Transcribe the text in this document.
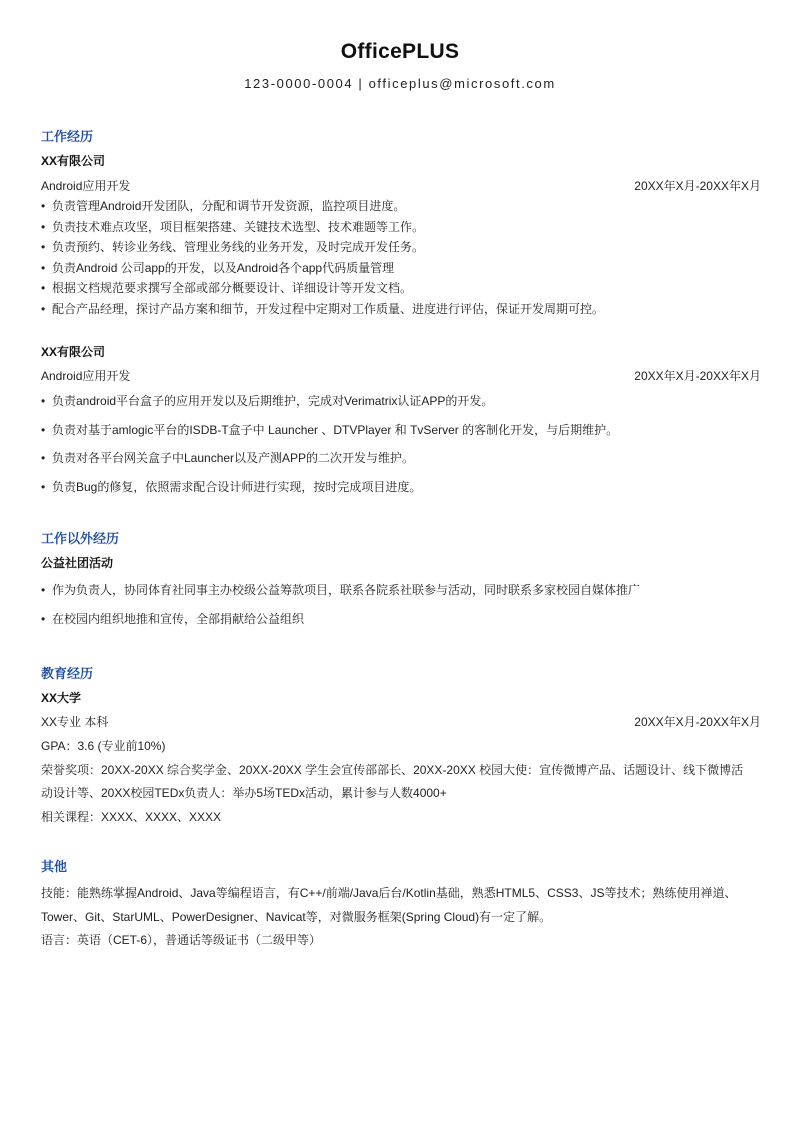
OfficePLUS
123-0000-0004 | officeplus@microsoft.com
工作经历
XX有限公司
Android应用开发	20XX年X月-20XX年X月
• 负责管理Android开发团队，分配和调节开发资源，监控项目进度。
• 负责技术难点攻坚，项目框架搭建、关键技术选型、技术难题等工作。
• 负责预约、转诊业务线、管理业务线的业务开发，及时完成开发任务。
• 负责Android 公司app的开发，以及Android各个app代码质量管理
• 根据文档规范要求撰写全部或部分概要设计、详细设计等开发文档。
• 配合产品经理，探讨产品方案和细节，开发过程中定期对工作质量、进度进行评估，保证开发周期可控。
XX有限公司
Android应用开发	20XX年X月-20XX年X月
• 负责android平台盒子的应用开发以及后期维护，完成对Verimatrix认证APP的开发。
• 负责对基于amlogic平台的ISDB-T盒子中 Launcher 、DTVPlayer 和 TvServer 的客制化开发，与后期维护。
• 负责对各平台网关盒子中Launcher以及产测APP的二次开发与维护。
• 负责Bug的修复，依照需求配合设计师进行实现，按时完成项目进度。
工作以外经历
公益社团活动
• 作为负责人，协同体育社同事主办校级公益筹款项目，联系各院系社联参与活动，同时联系多家校园自媒体推广
• 在校园内组织地推和宣传，全部捐献给公益组织
教育经历
XX大学
XX专业 本科	20XX年X月-20XX年X月
GPA：3.6 (专业前10%)
荣誉奖项：20XX-20XX 综合奖学金、20XX-20XX 学生会宣传部部长、20XX-20XX 校园大使：宣传微博产品、话题设计、线下微博活
动设计等、20XX校园TEDx负责人：举办5场TEDx活动，累计参与人数4000+
相关课程：XXXX、XXXX、XXXX
其他
技能：能熟练掌握Android、Java等编程语言，有C++/前端/Java后台/Kotlin基础，熟悉HTML5、CSS3、JS等技术；熟练使用禅道、
Tower、Git、StarUML、PowerDesigner、Navicat等，对微服务框架(Spring Cloud)有一定了解。
语言：英语（CET-6），普通话等级证书（二级甲等）
